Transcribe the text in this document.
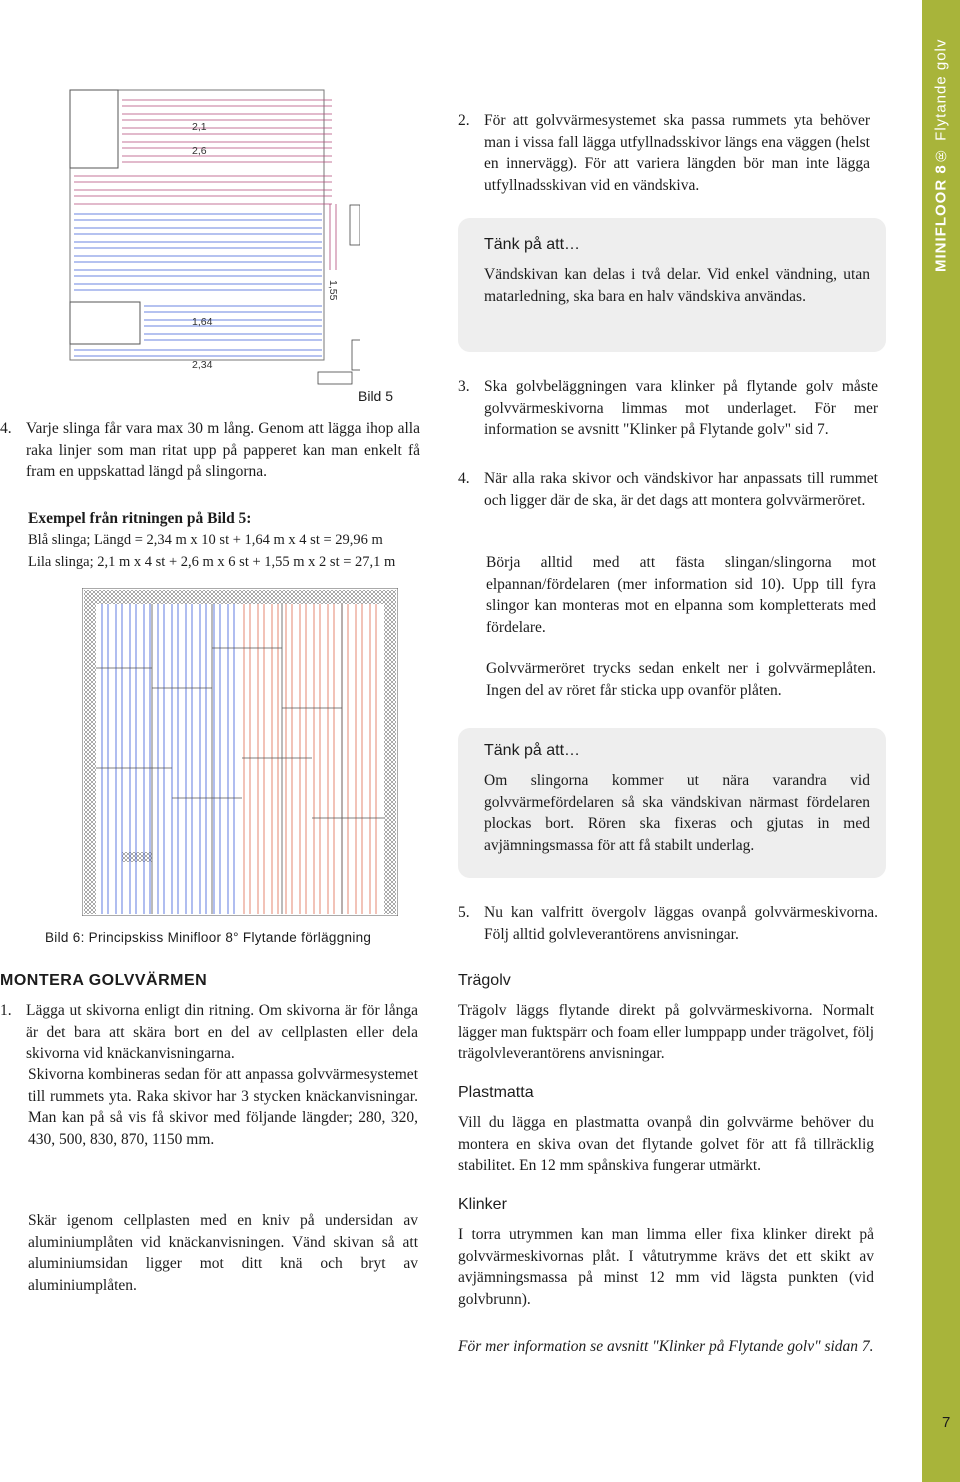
MINIFLOOR 8
® Flytande golv
7
2,1
2,6
1,55
1,64
2,34
Bild 5
4. Varje slinga får vara max 30 m lång. Genom att lägga ihop alla raka linjer som man ritat upp på papperet kan man enkelt få fram en uppskattad längd på slingorna.
Exempel från ritningen på Bild 5:
Blå slinga; Längd = 2,34 m x 10 st + 1,64 m x 4 st = 29,96 m
Lila slinga; 2,1 m x 4 st + 2,6 m x 6 st + 1,55 m x 2 st = 27,1 m
Bild 6: Principskiss Minifloor 8° Flytande förläggning
MONTERA GOLVVÄRMEN
1. Lägga ut skivorna enligt din ritning. Om skivorna är för långa är det bara att skära bort en del av cellplasten eller dela skivorna vid knäckanvisningarna.
Skivorna kombineras sedan för att anpassa golvvärmesystemet till rummets yta. Raka skivor har 3 stycken knäckanvisningar. Man kan på så vis få skivor med följande längder; 280, 320, 430, 500, 830, 870, 1150 mm.
Skär igenom cellplasten med en kniv på undersidan av aluminiumplåten vid knäckanvisningen. Vänd skivan så att aluminiumsidan ligger mot ditt knä och bryt av aluminiumplåten.
2. För att golvvärmesystemet ska passa rummets yta behöver man i vissa fall lägga utfyllnadsskivor längs ena väggen (helst en innervägg). För att variera längden bör man inte lägga utfyllnadsskivan vid en vändskiva.
Tänk på att…
Vändskivan kan delas i två delar. Vid enkel vändning, utan matarledning, ska bara en halv vändskiva användas.
3. Ska golvbeläggningen vara klinker på flytande golv måste golvvärmeskivorna limmas mot underlaget. För mer information se avsnitt "Klinker på Flytande golv" sid 7.
4. När alla raka skivor och vändskivor har anpassats till rummet och ligger där de ska, är det dags att montera golvvärmeröret.
Börja alltid med att fästa slingan/slingorna mot elpannan/fördelaren (mer information sid 10). Upp till fyra slingor kan monteras mot en elpanna som kompletterats med fördelare.
Golvvärmeröret trycks sedan enkelt ner i golvvärmeplåten. Ingen del av röret får sticka upp ovanför plåten.
Tänk på att…
Om slingorna kommer ut nära varandra vid golvvärmefördelaren så ska vändskivan närmast fördelaren plockas bort. Rören ska fixeras och gjutas in med avjämningsmassa för att få stabilt underlag.
5. Nu kan valfritt övergolv läggas ovanpå golvvärmeskivorna. Följ alltid golvleverantörens anvisningar.
Trägolv
Trägolv läggs flytande direkt på golvvärmeskivorna. Normalt lägger man fuktspärr och foam eller lumppapp under trägolvet, följ trägolvleverantörens anvisningar.
Plastmatta
Vill du lägga en plastmatta ovanpå din golvvärme behöver du montera en skiva ovan det flytande golvet för att få tillräcklig stabilitet. En 12 mm spånskiva fungerar utmärkt.
Klinker
I torra utrymmen kan man limma eller fixa klinker direkt på golvvärmeskivornas plåt. I våtutrymme krävs det ett skikt av avjämningsmassa på minst 12 mm vid lägsta punkten (vid golvbrunn).
För mer information se avsnitt "Klinker på Flytande golv" sidan 7.
